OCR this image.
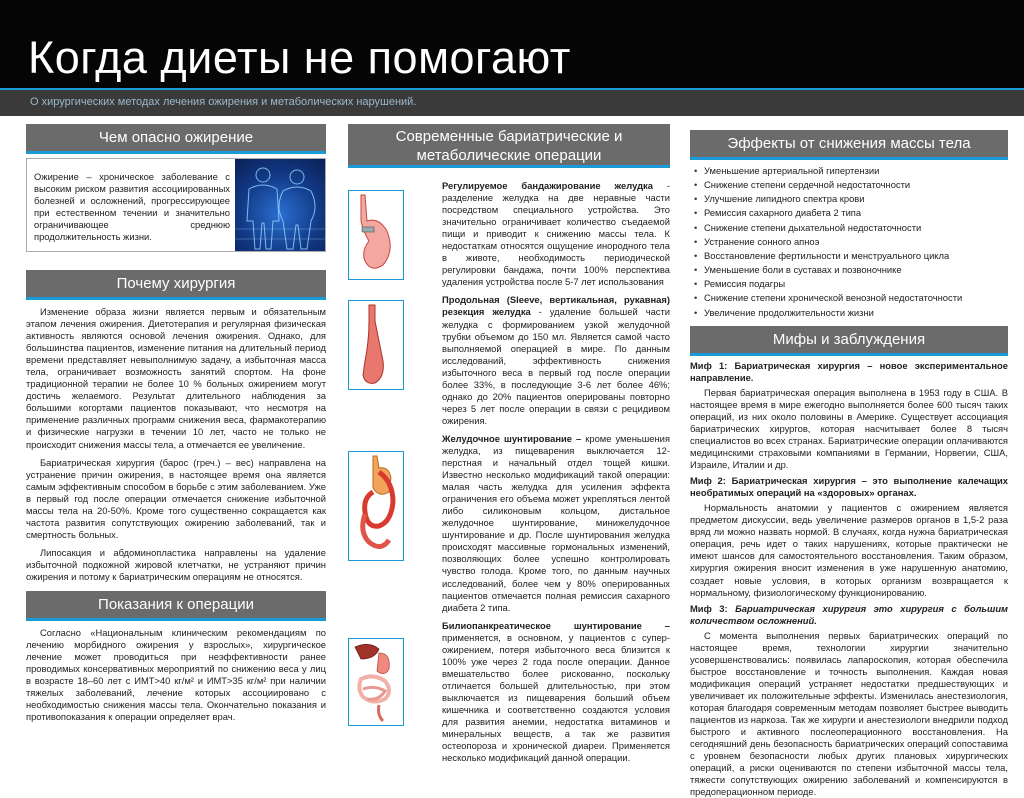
Когда диеты не помогают
О хирургических методах лечения ожирения и метаболических нарушений.
Чем опасно ожирение
Ожирение – хроническое заболевание с высоким риском развития ассоциированных болезней и осложнений, прогрессирующее при естественном течении и значительно ограничивающее среднюю продолжительность жизни.
Почему хирургия

Изменение образа жизни является первым и обязательным этапом лечения ожирения. Диетотерапия и регулярная физическая активность являются основой лечения ожирения. Однако, для большинства пациентов, изменение питания на длительный период времени представляет невыполнимую задачу, а избыточная масса тела, ограничивает возможность занятий спортом. На фоне традиционной терапии не более 10 % больных ожирением могут достичь желаемого. Результат длительного наблюдения за большими когортами пациентов показывают, что несмотря на применение различных программ снижения веса, фармакотерапию и физические нагрузки в течении 10 лет, часто не только не происходит снижения массы тела, а отмечается ее увеличение.

Бариатрическая хирургия (барос (греч.) – вес) направлена на устранение причин ожирения, в настоящее время она является самым эффективным способом в борьбе с этим заболеванием. Уже в первый год после операции отмечается снижение избыточной массы тела на 20-50%. Кроме того существенно сокращается как частота развития сопутствующих ожирению заболеваний, так и смертность больных.

Липосакция и абдоминопластика направлены на удаление избыточной подкожной жировой клетчатки, не устраняют причин ожирения и потому к бариатрическим операциям не относятся.

Показания к операции

Согласно «Национальным клиническим рекомендациям по лечению морбидного ожирения у взрослых», хирургическое лечение может проводиться при неэффективности ранее проводимых консервативных мероприятий по снижению веса у лиц в возрасте 18–60 лет с ИМТ>40 кг/м² и ИМТ>35 кг/м² при наличии тяжелых заболеваний, лечение которых ассоциировано с необходимостью снижения массы тела. Окончательно показания и противопоказания к операции определяет врач.

Современные бариатрические и метаболические операции

Регулируемое бандажирование желудка - разделение желудка на две неравные части посредством специального устройства. Это значительно ограничивает количество съедаемой пищи и приводит к снижению массы тела. К недостаткам относятся ощущение инородного тела в животе, необходимость периодической регулировки бандажа, почти 100% перспектива удаления устройства после 5-7 лет использования

Продольная (Sleeve, вертикальная, рукавная) резекция желудка - удаление большей части желудка с формированием узкой желудочной трубки объемом до 150 мл. Является самой часто выполняемой операцией в мире. По данным исследований, эффективность снижения избыточного веса в первый год после операции более 33%, в последующие 3-6 лет более 46%; однако до 20% пациентов оперированы повторно через 5 лет после операции в связи с рецидивом ожирения.

Желудочное шунтирование – кроме уменьшения желудка, из пищеварения выключается 12-перстная и начальный отдел тощей кишки. Известно несколько модификаций такой операции: малая часть желудка для усиления эффекта ограничения его объема может укрепляться лентой либо силиконовым кольцом, дистальное желудочное шунтирование, минижелудочное шунтирование и др. После шунтирования желудка происходят массивные гормональных изменений, позволяющих более успешно контролировать чувство голода. Кроме того, по данным научных исследований, более чем у 80% оперированных пациентов отмечается полная ремиссия сахарного диабета 2 типа.

Билиопанкреатическое шунтирование – применяется, в основном, у пациентов с супер-ожирением, потеря избыточного веса близится к 100% уже через 2 года после операции. Данное вмешательство более рискованно, поскольку отличается большей длительностью, при этом выключается из пищеварения больший объем кишечника и соответственно создаются условия для развития анемии, недостатка витаминов и минеральных веществ, а так же развития остеопороза и хронической диареи. Применяется несколько модификаций данной операции.

Эффекты от снижения массы тела
• Уменьшение артериальной гипертензии
• Снижение степени сердечной недостаточности
• Улучшение липидного спектра крови
• Ремиссия сахарного диабета 2 типа
• Снижение степени дыхательной недостаточности
• Устранение сонного апноэ
• Восстановление фертильности и менструального цикла
• Уменьшение боли в суставах и позвоночнике
• Ремиссия подагры
• Снижение степени хронической венозной недостаточности
• Увеличение продолжительности жизни
Мифы и заблуждения

Миф 1: Бариатрическая хирургия – новое экспериментальное направление.

Первая бариатрическая операция выполнена в 1953 году в США. В настоящее время в мире ежегодно выполняется более 600 тысяч таких операций, из них около половины в Америке. Существует ассоциация бариатрических хирургов, которая насчитывает более 8 тысяч специалистов во всех странах. Бариатрические операции оплачиваются медицинскими страховыми компаниями в Германии, Норвегии, США, Израиле, Италии и др.

Миф 2: Бариатрическая хирургия – это выполнение калечащих необратимых операций на «здоровых» органах.

Нормальность анатомии у пациентов с ожирением является предметом дискуссии, ведь увеличение размеров органов в 1,5-2 раза вряд ли можно назвать нормой. В случаях, когда нужна бариатрическая операция, речь идет о таких нарушениях, которые практически не имеют шансов для самостоятельного восстановления. Таким образом, хирургия ожирения вносит изменения в уже нарушенную анатомию, создает новые условия, в которых организм возвращается к нормальному, физиологическому функционированию.

Миф 3: Бариатрическая хирургия это хирургия с большим количеством осложнений.

С момента выполнения первых бариатрических операций по настоящее время, технологии хирургии значительно усовершенствовались: появилась лапароскопия, которая обеспечила быстрое восстановление и точность выполнения. Каждая новая модификация операций устраняет недостатки предшествующих и увеличивает их положительные эффекты. Изменилась анестезиология, которая благодаря современным методам позволяет быстрее выводить пациентов из наркоза. Так же хирурги и анестезиологи внедрили подход быстрого и активного послеоперационного восстановления. На сегодняшний день безопасность бариатрических операций сопоставима с уровнем безопасности любых других плановых хирургических операций, а риски оцениваются по степени избыточной массы тела, тяжести сопутствующих ожирению заболеваний и компенсируются в предоперационном периоде.
